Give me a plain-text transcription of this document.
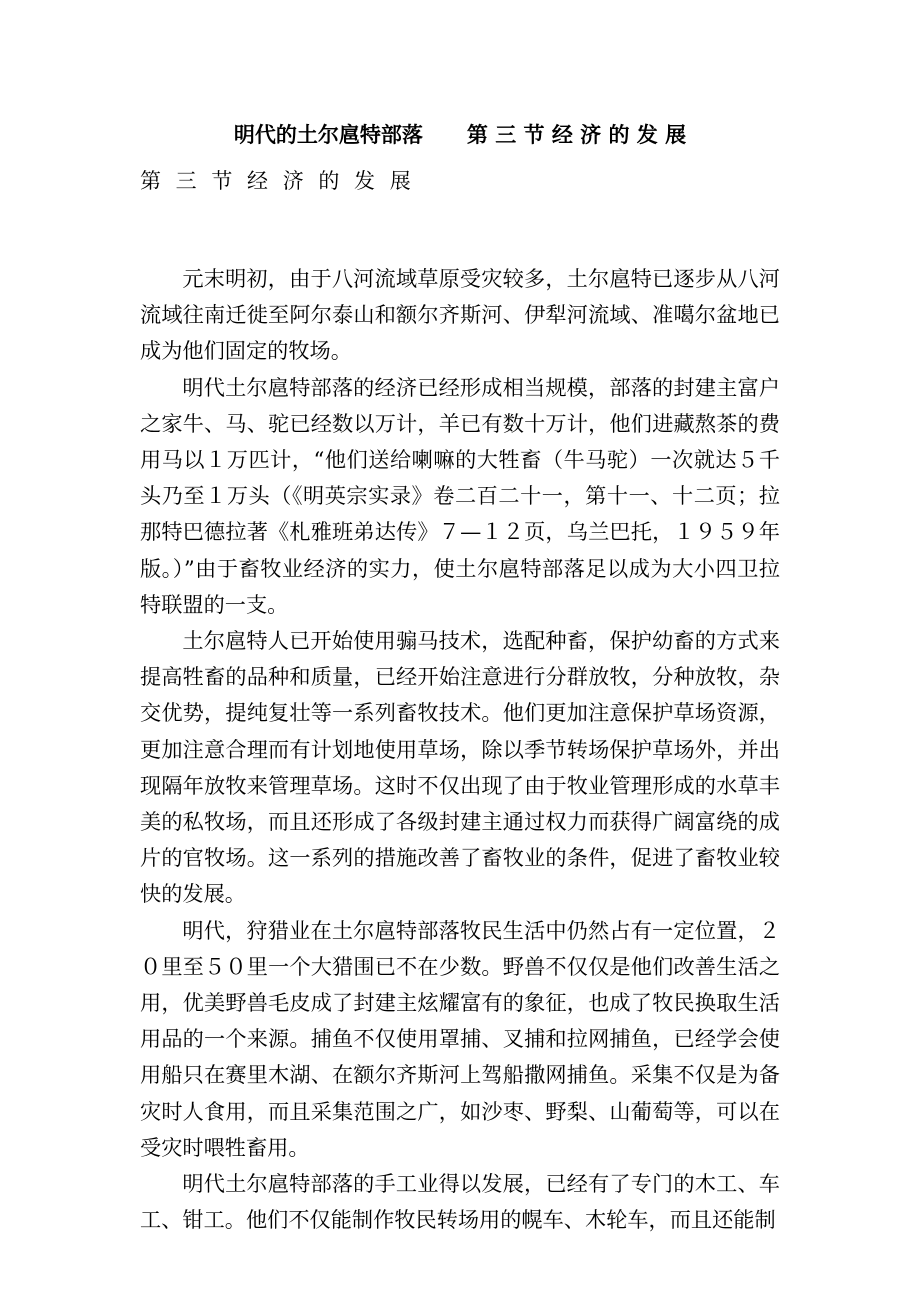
明代的土尔扈特部落 第 三 节 经 济 的 发 展
第 三 节 经 济 的 发 展

元末明初，由于八河流域草原受灾较多，土尔扈特已逐步从八河流域往南迁徙至阿尔泰山和额尔齐斯河、伊犁河流域、准噶尔盆地已成为他们固定的牧场。

明代土尔扈特部落的经济已经形成相当规模，部落的封建主富户之家牛、马、驼已经数以万计，羊已有数十万计，他们进藏熬茶的费用马以１万匹计，“他们送给喇嘛的大牲畜（牛马驼）一次就达５千头乃至１万头（《明英宗实录》卷二百二十一，第十一、十二页；拉那特巴德拉著《札雅班弟达传》７—１２页，乌兰巴托，１９５９年版。）”由于畜牧业经济的实力，使土尔扈特部落足以成为大小四卫拉特联盟的一支。

土尔扈特人已开始使用骟马技术，选配种畜，保护幼畜的方式来提高牲畜的品种和质量，已经开始注意进行分群放牧，分种放牧，杂交优势，提纯复壮等一系列畜牧技术。他们更加注意保护草场资源，更加注意合理而有计划地使用草场，除以季节转场保护草场外，并出现隔年放牧来管理草场。这时不仅出现了由于牧业管理形成的水草丰美的私牧场，而且还形成了各级封建主通过权力而获得广阔富绕的成片的官牧场。这一系列的措施改善了畜牧业的条件，促进了畜牧业较快的发展。

明代，狩猎业在土尔扈特部落牧民生活中仍然占有一定位置，２０里至５０里一个大猎围已不在少数。野兽不仅仅是他们改善生活之用，优美野兽毛皮成了封建主炫耀富有的象征，也成了牧民换取生活用品的一个来源。捕鱼不仅使用罩捕、叉捕和拉网捕鱼，已经学会使用船只在赛里木湖、在额尔齐斯河上驾船撒网捕鱼。采集不仅是为备灾时人食用，而且采集范围之广，如沙枣、野梨、山葡萄等，可以在受灾时喂牲畜用。

明代土尔扈特部落的手工业得以发展，已经有了专门的木工、车工、钳工。他们不仅能制作牧民转场用的幌车、木轮车，而且还能制
